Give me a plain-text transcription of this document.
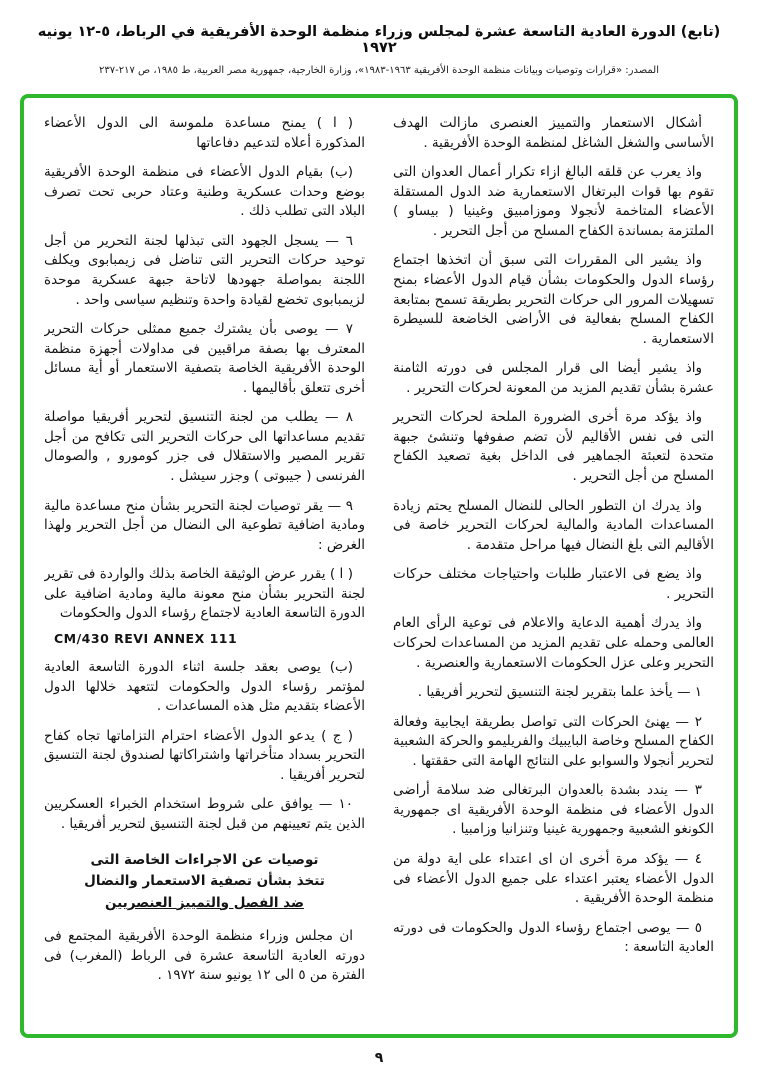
(تابع) الدورة العادية التاسعة عشرة لمجلس وزراء منظمة الوحدة الأفريقية في الرباط، ٥-١٢ يونيه ١٩٧٢
المصدر: «قرارات وتوصيات وبيانات منظمة الوحدة الأفريقية ١٩٦٣-١٩٨٣»، وزارة الخارجية، جمهورية مصر العربية، ط ١٩٨٥، ص ٢١٧-٢٣٧

أشكال الاستعمار والتمييز العنصرى مازالت الهدف الأساسى والشغل الشاغل لمنظمة الوحدة الأفريقية .

واذ يعرب عن قلقه البالغ ازاء تكرار أعمال العدوان التى تقوم بها قوات البرتغال الاستعمارية ضد الدول المستقلة الأعضاء المتاخمة لأنجولا وموزامبيق وغينيا ( بيساو ) الملتزمة بمساندة الكفاح المسلح من أجل التحرير .

واذ يشير الى المقررات التى سبق أن اتخذها اجتماع رؤساء الدول والحكومات بشأن قيام الدول الأعضاء بمنح تسهيلات المرور الى حركات التحرير بطريقة تسمح بمتابعة الكفاح المسلح بفعالية فى الأراضى الخاضعة للسيطرة الاستعمارية .

واذ يشير أيضا الى قرار المجلس فى دورته الثامنة عشرة بشأن تقديم المزيد من المعونة لحركات التحرير .

واذ يؤكد مرة أخرى الضرورة الملحة لحركات التحرير التى فى نفس الأقاليم لأن تضم صفوفها وتنشئ جبهة متحدة لتعبئة الجماهير فى الداخل بغية تصعيد الكفاح المسلح من أجل التحرير .

واذ يدرك ان التطور الحالى للنضال المسلح يحتم زيادة المساعدات المادية والمالية لحركات التحرير خاصة فى الأقاليم التى بلغ النضال فيها مراحل متقدمة .

واذ يضع فى الاعتبار طلبات واحتياجات مختلف حركات التحرير .

واذ يدرك أهمية الدعاية والاعلام فى توعية الرأى العام العالمى وحمله على تقديم المزيد من المساعدات لحركات التحرير وعلى عزل الحكومات الاستعمارية والعنصرية .

١ — يأخذ علما بتقرير لجنة التنسيق لتحرير أفريقيا .

٢ — يهنئ الحركات التى تواصل بطريقة ايجابية وفعالة الكفاح المسلح وخاصة البايبيك والفريليمو والحركة الشعبية لتحرير أنجولا والسوابو على النتائج الهامة التى حققتها .

٣ — يندد بشدة بالعدوان البرتغالى ضد سلامة أراضى الدول الأعضاء فى منظمة الوحدة الأفريقية اى جمهورية الكونغو الشعبية وجمهورية غينيا وتنزانيا وزامبيا .

٤ — يؤكد مرة أخرى ان اى اعتداء على اية دولة من الدول الأعضاء يعتبر اعتداء على جميع الدول الأعضاء فى منظمة الوحدة الأفريقية .

٥ — يوصى اجتماع رؤساء الدول والحكومات فى دورته العادية التاسعة :

( ا ) يمنح مساعدة ملموسة الى الدول الأعضاء المذكورة أعلاه لتدعيم دفاعاتها

(ب) بقيام الدول الأعضاء فى منظمة الوحدة الأفريقية بوضع وحدات عسكرية وطنية وعتاد حربى تحت تصرف البلاد التى تطلب ذلك .

٦ — يسجل الجهود التى تبذلها لجنة التحرير من أجل توحيد حركات التحرير التى تناضل فى زيمبابوى ويكلف اللجنة بمواصلة جهودها لاتاحة جبهة عسكرية موحدة لزيمبابوى تخضع لقيادة واحدة وتنظيم سياسى واحد .

٧ — يوصى بأن يشترك جميع ممثلى حركات التحرير المعترف بها بصفة مراقبين فى مداولات أجهزة منظمة الوحدة الأفريقية الخاصة بتصفية الاستعمار أو أية مسائل أخرى تتعلق بأقاليمها .

٨ — يطلب من لجنة التنسيق لتحرير أفريقيا مواصلة تقديم مساعداتها الى حركات التحرير التى تكافح من أجل تقرير المصير والاستقلال فى جزر كومورو , والصومال الفرنسى ( جيبوتى ) وجزر سيشل .

٩ — يقر توصيات لجنة التحرير بشأن منح مساعدة مالية ومادية اضافية تطوعية الى النضال من أجل التحرير ولهذا الغرض :

( ا ) يقرر عرض الوثيقة الخاصة بذلك والواردة فى تقرير لجنة التحرير بشأن منح معونة مالية ومادية اضافية على الدورة التاسعة العادية لاجتماع رؤساء الدول والحكومات

CM/430 REVI ANNEX 111

(ب) يوصى بعقد جلسة اثناء الدورة التاسعة العادية لمؤتمر رؤساء الدول والحكومات لتتعهد خلالها الدول الأعضاء بتقديم مثل هذه المساعدات .

( ج ) يدعو الدول الأعضاء احترام التزاماتها تجاه كفاح التحرير بسداد متأخراتها واشتراكاتها لصندوق لجنة التنسيق لتحرير أفريقيا .

١٠ — يوافق على شروط استخدام الخبراء العسكريين الذين يتم تعيينهم من قبل لجنة التنسيق لتحرير أفريقيا .

توصيات عن الاجراءات الخاصة التى

تتخذ بشأن تصفية الاستعمار والنضال

ضد الفصل والتمييز العنصريين

ان مجلس وزراء منظمة الوحدة الأفريقية المجتمع فى دورته العادية التاسعة عشرة فى الرباط (المغرب) فى الفترة من ٥ الى ١٢ يونيو سنة ١٩٧٢ .

٩
